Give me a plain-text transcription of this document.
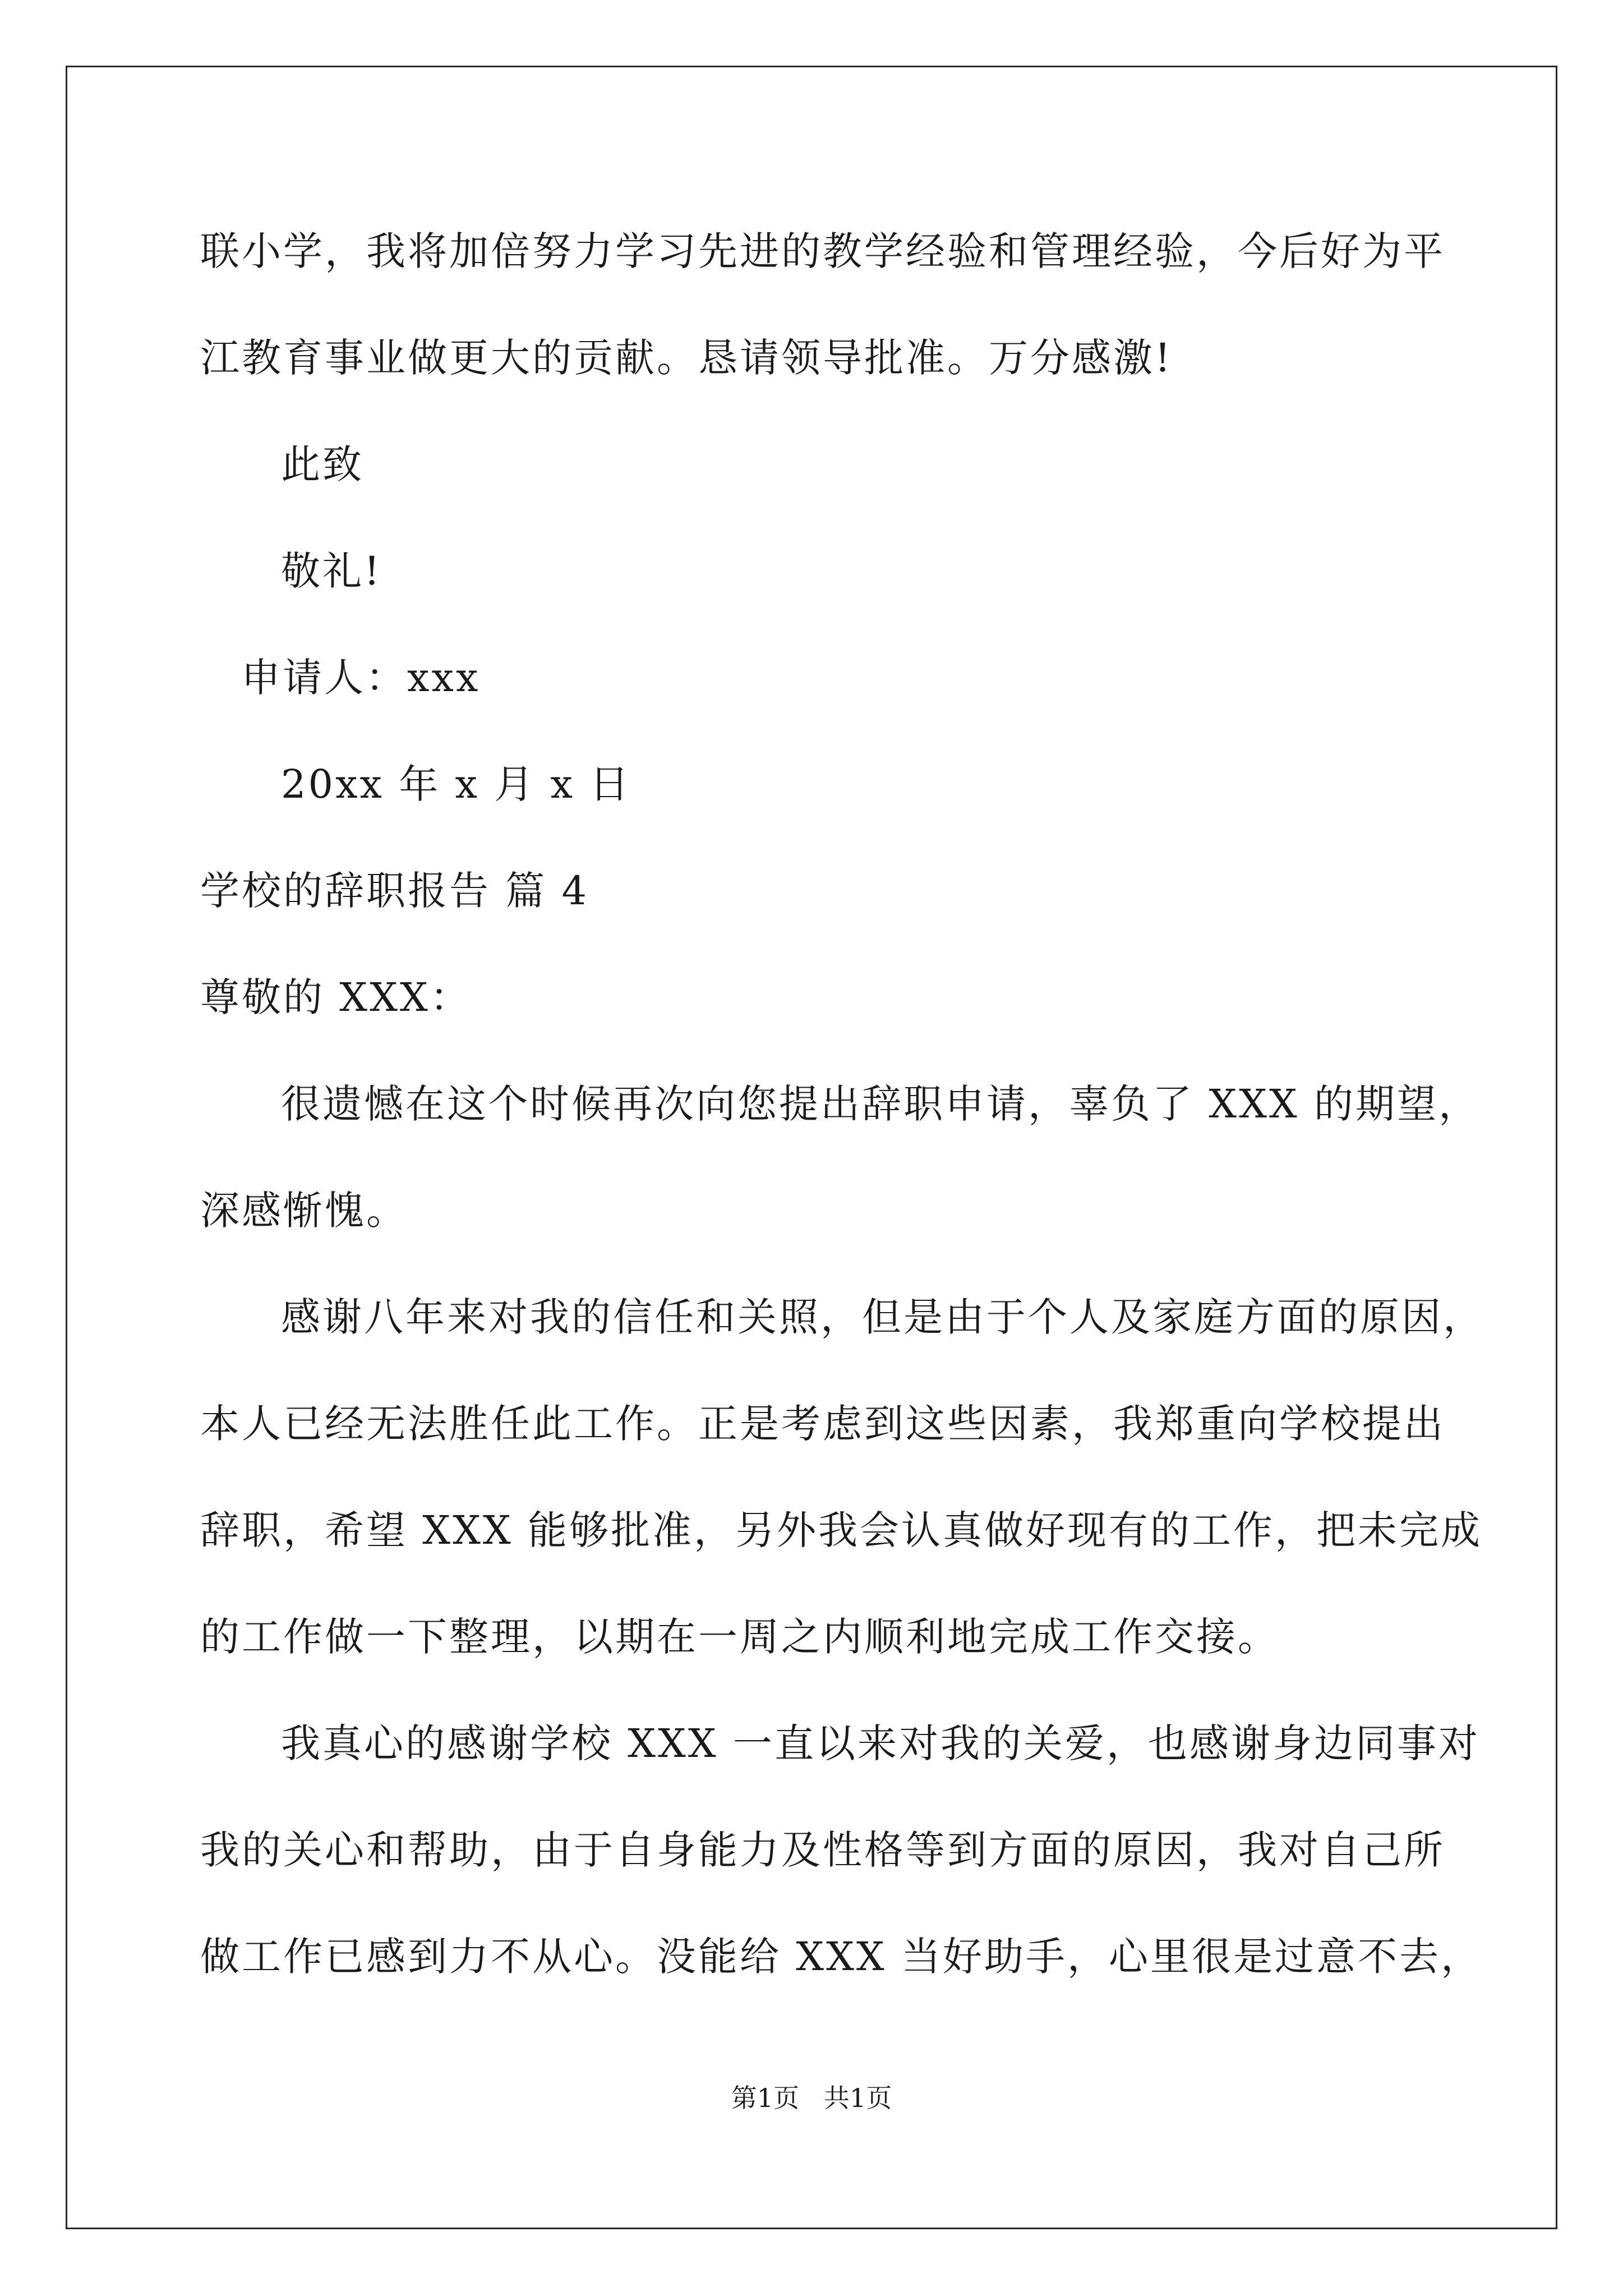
联小学，我将加倍努力学习先进的教学经验和管理经验，今后好为平
江教育事业做更大的贡献。恳请领导批准。万分感激!
此致
敬礼!
申请人：xxx
20xx 年 x 月 x 日
学校的辞职报告 篇 4
尊敬的 XXX：
很遗憾在这个时候再次向您提出辞职申请，辜负了 XXX 的期望，
深感惭愧。
感谢八年来对我的信任和关照，但是由于个人及家庭方面的原因，
本人已经无法胜任此工作。正是考虑到这些因素，我郑重向学校提出
辞职，希望 XXX 能够批准，另外我会认真做好现有的工作，把未完成
的工作做一下整理，以期在一周之内顺利地完成工作交接。
我真心的感谢学校 XXX 一直以来对我的关爱，也感谢身边同事对
我的关心和帮助，由于自身能力及性格等到方面的原因，我对自己所
做工作已感到力不从心。没能给 XXX 当好助手，心里很是过意不去，
第1页   共1页
